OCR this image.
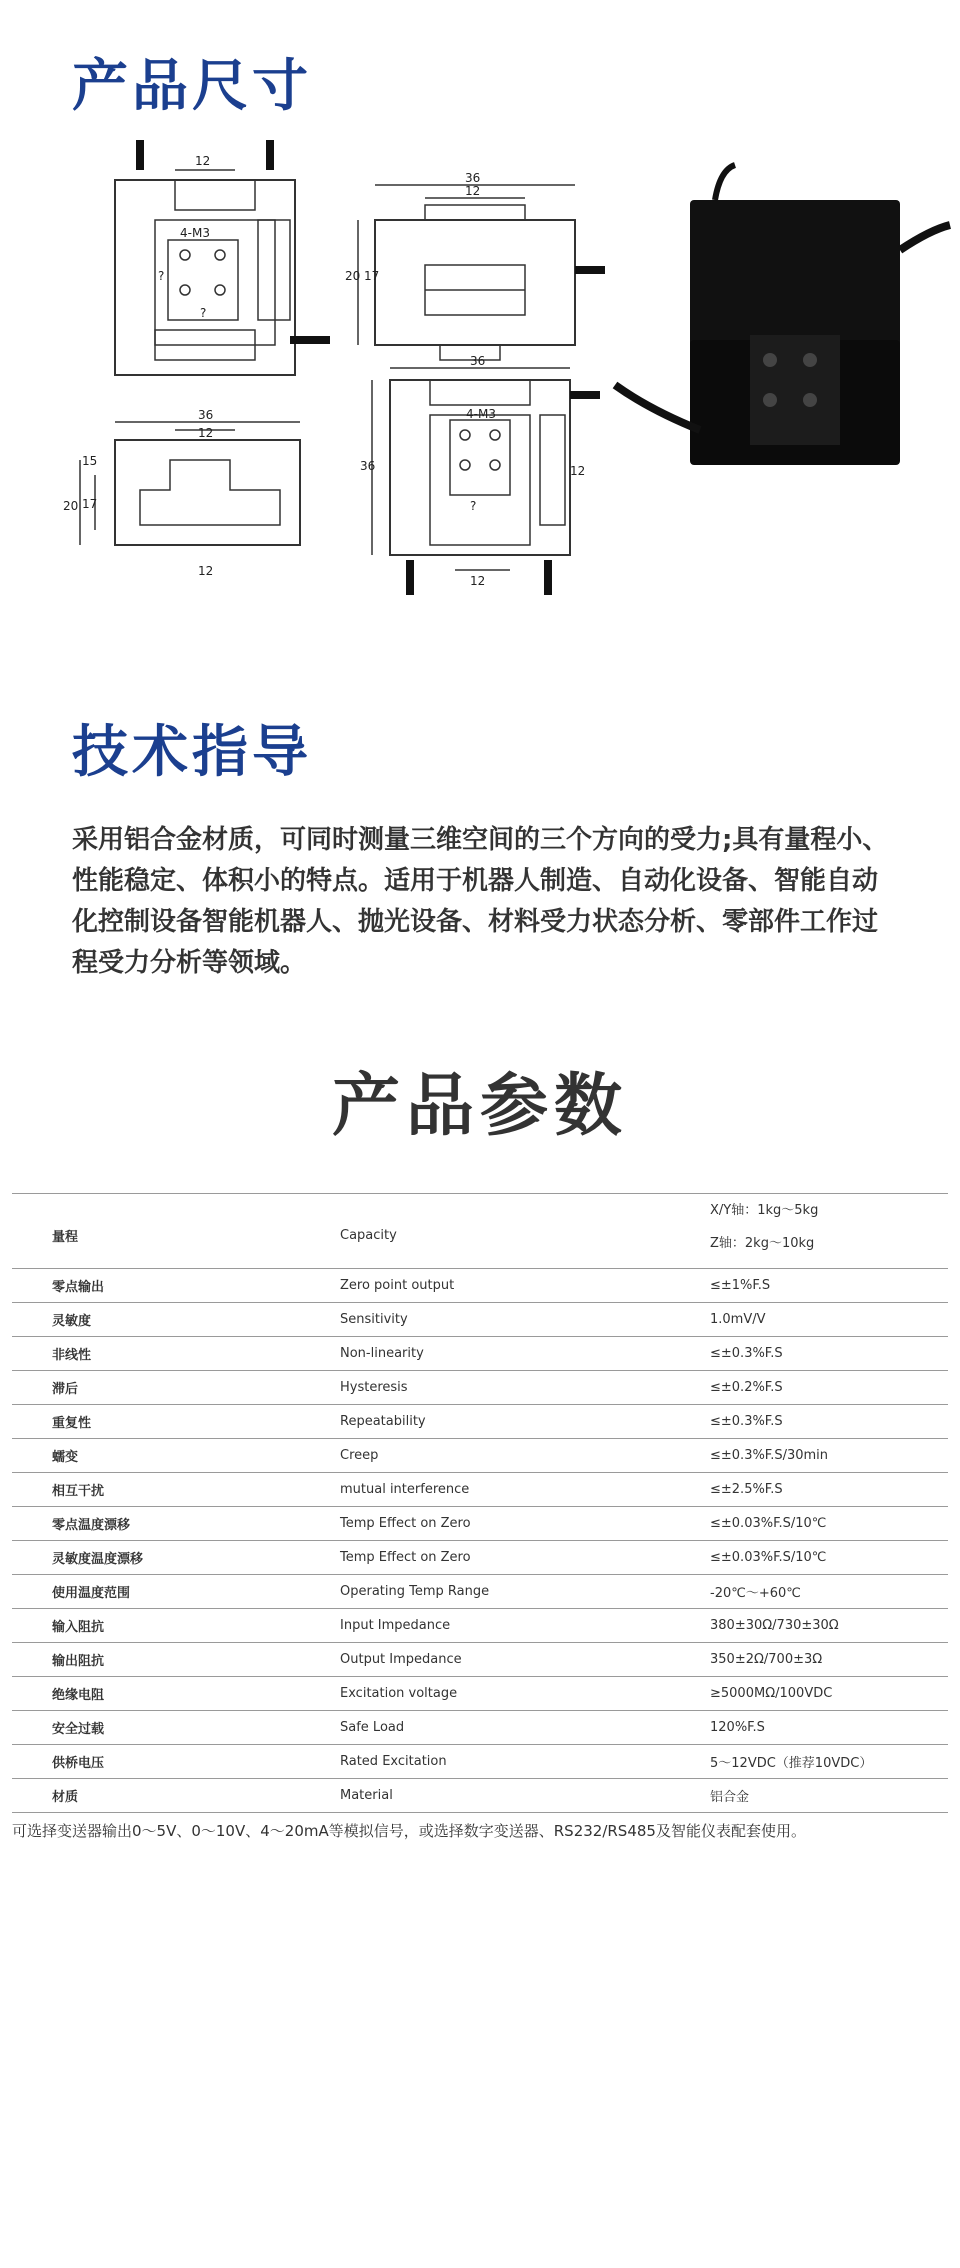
产品尺寸
12
4-M3
?
?
36
12
20 17
36
12
20 17
15
12
36
36
4-M3
?
12
12
技术指导
采用铝合金材质，可同时测量三维空间的三个方向的受力;具有量程小、性能稳定、体积小的特点。适用于机器人制造、自动化设备、智能自动化控制设备智能机器人、抛光设备、材料受力状态分析、零部件工作过程受力分析等领域。
产品参数
量程	Capacity	X/Y轴：1kg～5kg
Z轴：2kg～10kg

零点输出	Zero point output	≤±1%F.S

灵敏度	Sensitivity	1.0mV/V

非线性	Non-linearity	≤±0.3%F.S

滞后	Hysteresis	≤±0.2%F.S

重复性	Repeatability	≤±0.3%F.S

蠕变	Creep	≤±0.3%F.S/30min

相互干扰	mutual interference	≤±2.5%F.S

零点温度漂移	Temp Effect on Zero	≤±0.03%F.S/10℃

灵敏度温度漂移	Temp Effect on Zero	≤±0.03%F.S/10℃

使用温度范围	Operating Temp Range	-20℃～+60℃

输入阻抗	Input Impedance	380±30Ω/730±30Ω

输出阻抗	Output Impedance	350±2Ω/700±3Ω

绝缘电阻	Excitation voltage	≥5000MΩ/100VDC

安全过载	Safe Load	120%F.S

供桥电压	Rated Excitation	5～12VDC（推荐10VDC）

材质	Material	铝合金
可选择变送器输出0～5V、0～10V、4～20mA等模拟信号，或选择数字变送器、RS232/RS485及智能仪表配套使用。
